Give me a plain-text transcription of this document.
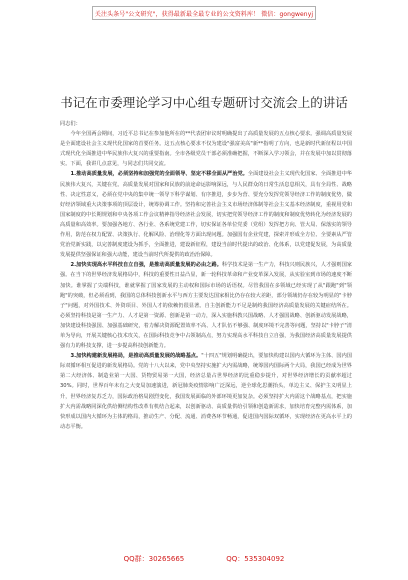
关注头条号"公文研究"，获得最新最全最专业的公文资料库！ 微信：gongwenyj
书记在市委理论学习中心组专题研讨交流会上的讲话

同志们：

今年全国两会期间，习近平总书记在参加他所在的**代表团审议时明确提出了高质量发展的五点核心要求。强调高质量发展是全面建设社会主义现代化国家的首要任务。这五点核心要求不仅为建设"强富美高"新**指明了方向，也是新时代新征程以中国式现代化全面推进中华民族伟大复兴的重要指南。全市各级党员干部必须准确把握，不断深入学习领会，并在发展中加以贯彻落实。下面，我讲几点意见，与同志们共同交流。

1.推动高质量发展，必须坚持和加强党的全面领导、坚定不移全面从严治党。全面建设社会主义现代化国家、全面推进中华民族伟大复兴，关键在党。高质量发展对国家和民族的前途命运影响深远，与人民群众的日常生活息息相关，具有全局性、战略性、决定性意义，必须在党中央的集中统一领导下科学谋划、有序推进，步步为营、要充分发挥党领导经济工作的制度优势，做好经济领域重大决策事项的顶层设计，统筹协调工作。坚持和完善社会主义市场经济体制等社会主义基本经济制度，重视用党和国家制度的中长期规划和中央各项工作会议精神指导经济社会发展，切实把党领导经济工作的制度和制度优势转化为经济发展的高质量和高效率。要加强各地方、各行业、各系统党建工作，切实保证各单位党委（党组）发挥把方向、管大局、保落实的领导作用，防范在权力配置、决策执行、化解风险、治理化等方面出现问题。加强国有企业党建，探索并形成全方位、全要素从严管党治党新实践，以完善制度建设为抓手，全面推进，建设新征程，建设当前时代提出的政治、化体系，以党建促发展，为高质量发展提供坚强保证和强大动能，建设当前时代所提供的政治治保障。

2.加快实现高水平科技自立自强，是推动高质量发展的必由之路。科学技术是第一生产力，科技兴则民族兴，人才强则国家强。在当下的世界经济发展格局中，科技的重要性日益凸显，新一轮科技革命和产业变革深入发展，从实验室到市场的速度不断加快。谁掌握了尖端科技，谁就掌握了国家发展的主动权和国际市场的话语权。尽管我国在多领域已经实现了从"跟跑"到"领跑"的突破，但必须看到，我国的总体科技创新水平与西方主要发达国家相比仍存在较大差距，部分领域仍存在较为明显的"卡脖子"问题，对外国技术、外资项目、外国人才的依赖仍很显著。自主创新能力不足是制约我国经济高质量发展的关键症结所在。必须坚持科技是第一生产力、人才是第一资源、创新是第一动力，深入实施科教兴国战略、人才强国战略、创新驱动发展战略，加快建设科技强国、加强基础研究，着力解决资源配置效率不高、人才队伍不够强、制度环境不完善等问题，坚持以"卡脖子"清单为导向，开展关键核心技术攻关，在国际科技竞争中占领制高点，努力实现高水平科技自立自强，为我国经济高质量发展提供强有力的科技支撑，进一步提高科技创新能力。

3.加快构建新发展格局，是推动高质量发展的战略基点。"十四五"规划明确提出，要加快构建以国内大循环为主体、国内国际双循环相互促进的新发展格局。党的十八大以来，党中央坚持实施扩大内需战略，统筹国内国际两个大局，我国已经成为世界第二大经济体、制造业第一大国、货物贸易第一大国，经济总量占世界经济的比重稳步提升，对世界经济增长的贡献率超过30%。同时，世界百年未有之大变局加速演进，新冠肺炎疫情影响广泛深远，逆全球化思潮抬头，单边主义、保护主义明显上升，世界经济复苏乏力，国际政治格局剧烈变化，我国发展面临的外部环境更加复杂。必须坚持扩大内需这个战略基点，把实施扩大内需战略同深化供给侧结构性改革有机结合起来，以创新驱动、高质量供给引领和创造新需求，加快培育完整内需体系，加快形成以国内大循环为主体的格局，推动生产、分配、流通、消费各环节畅通，促进国内国际双循环，实现经济在更高水平上的动态平衡。

QQ群：30265665	QQ：535304092
